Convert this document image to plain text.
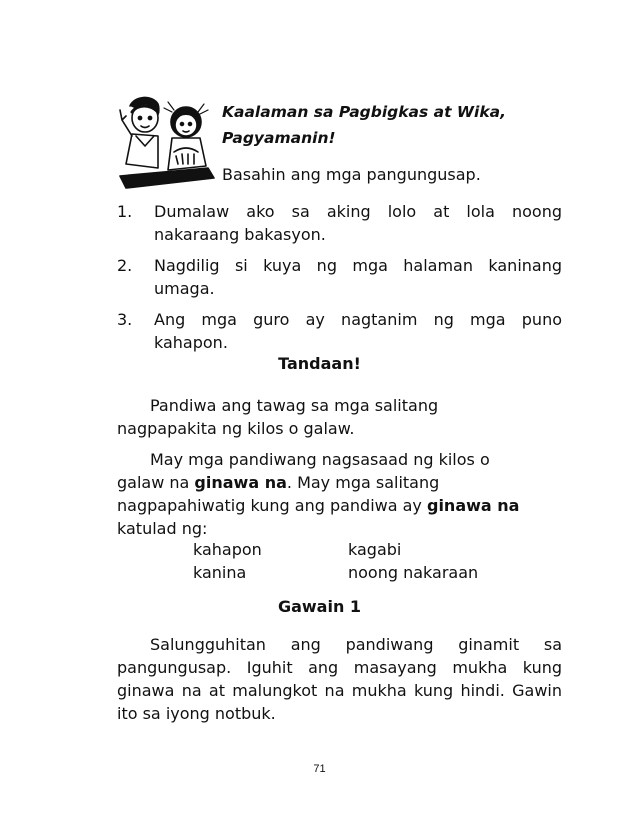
Kaalaman sa Pagbigkas at Wika,
Pagyamanin!
Basahin ang mga pangungusap.
1. Dumalaw ako sa aking lolo at lola noong nakaraang bakasyon.
2. Nagdilig si kuya ng mga halaman kaninang umaga.
3. Ang mga guro ay nagtanim ng mga puno kahapon.
Tandaan!
Pandiwa ang tawag sa mga salitang
nagpapakita ng kilos o galaw.
May mga pandiwang nagsasaad ng kilos o
galaw na ginawa na. May mga salitang
nagpapahiwatig kung ang pandiwa ay ginawa na
katulad ng:
kahapon	kagabi
kanina	noong nakaraan
Gawain 1
Salungguhitan ang pandiwang ginamit sa pangungusap. Iguhit ang masayang mukha kung ginawa na at malungkot na mukha kung hindi. Gawin ito sa iyong notbuk.
71
